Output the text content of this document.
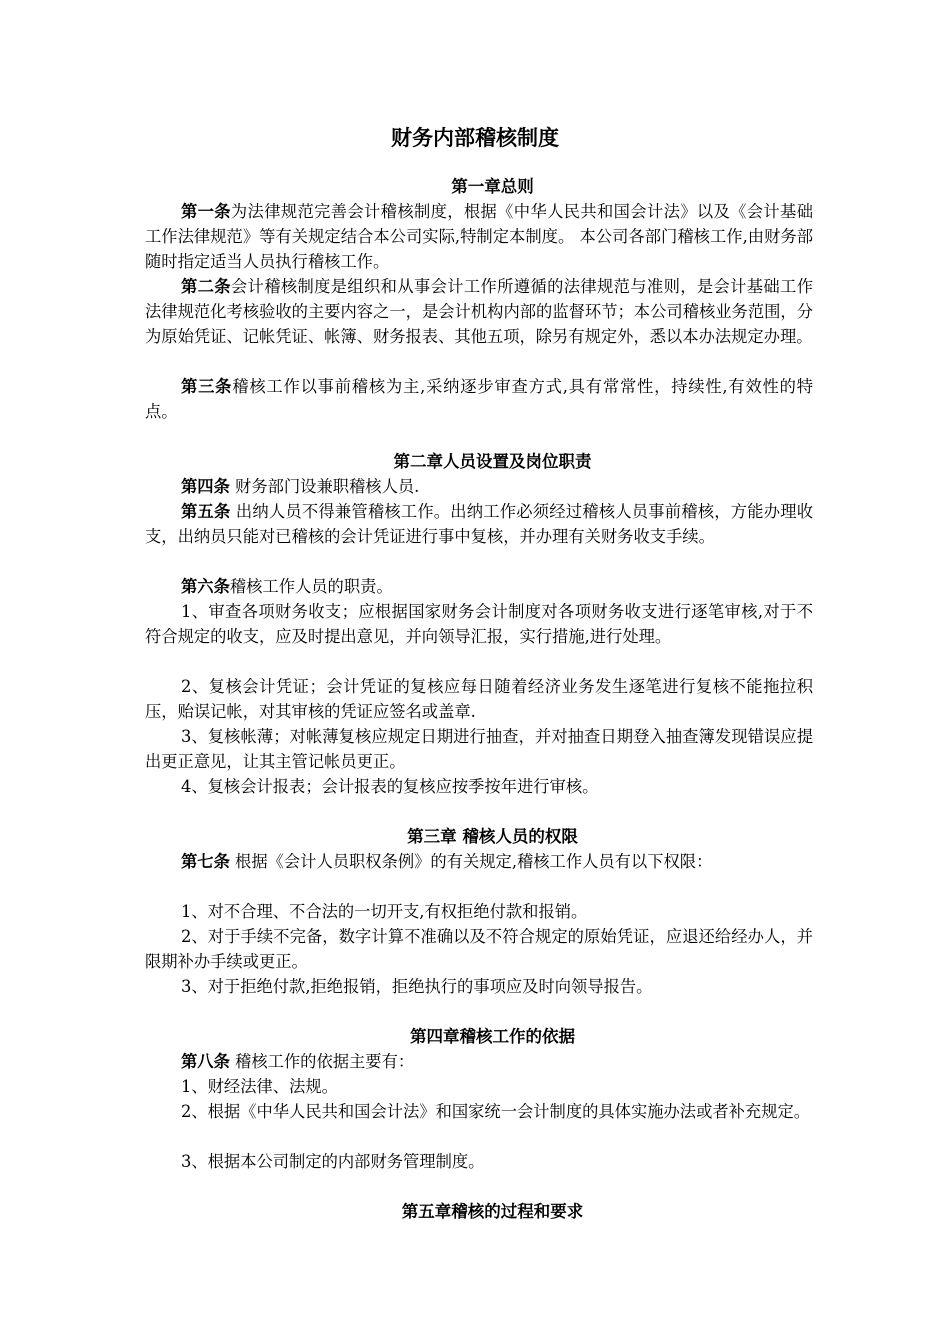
财务内部稽核制度
第一章总则

第一条为法律规范完善会计稽核制度，根据《中华人民共和国会计法》以及《会计基础工作法律规范》等有关规定结合本公司实际,特制定本制度。 本公司各部门稽核工作,由财务部随时指定适当人员执行稽核工作。

第二条会计稽核制度是组织和从事会计工作所遵循的法律规范与准则，是会计基础工作法律规范化考核验收的主要内容之一，是会计机构内部的监督环节；本公司稽核业务范围，分为原始凭证、记帐凭证、帐簿、财务报表、其他五项，除另有规定外，悉以本办法规定办理。

第三条稽核工作以事前稽核为主,采纳逐步审查方式,具有常常性，持续性,有效性的特点。

第二章人员设置及岗位职责

第四条 财务部门设兼职稽核人员.

第五条 出纳人员不得兼管稽核工作。出纳工作必须经过稽核人员事前稽核，方能办理收支，出纳员只能对已稽核的会计凭证进行事中复核，并办理有关财务收支手续。

第六条稽核工作人员的职责。

1、审查各项财务收支；应根据国家财务会计制度对各项财务收支进行逐笔审核,对于不符合规定的收支，应及时提出意见，并向领导汇报，实行措施,进行处理。

2、复核会计凭证；会计凭证的复核应每日随着经济业务发生逐笔进行复核不能拖拉积压，贻误记帐，对其审核的凭证应签名或盖章.

3、复核帐薄；对帐薄复核应规定日期进行抽查，并对抽查日期登入抽查簿发现错误应提出更正意见，让其主管记帐员更正。

4、复核会计报表；会计报表的复核应按季按年进行审核。

第三章 稽核人员的权限

第七条 根据《会计人员职权条例》的有关规定,稽核工作人员有以下权限：

1、对不合理、不合法的一切开支,有权拒绝付款和报销。

2、对于手续不完备，数字计算不准确以及不符合规定的原始凭证，应退还给经办人，并限期补办手续或更正。

3、对于拒绝付款,拒绝报销，拒绝执行的事项应及时向领导报告。

第四章稽核工作的依据

第八条 稽核工作的依据主要有：

1、财经法律、法规。

2、根据《中华人民共和国会计法》和国家统一会计制度的具体实施办法或者补充规定。

3、根据本公司制定的内部财务管理制度。

第五章稽核的过程和要求
